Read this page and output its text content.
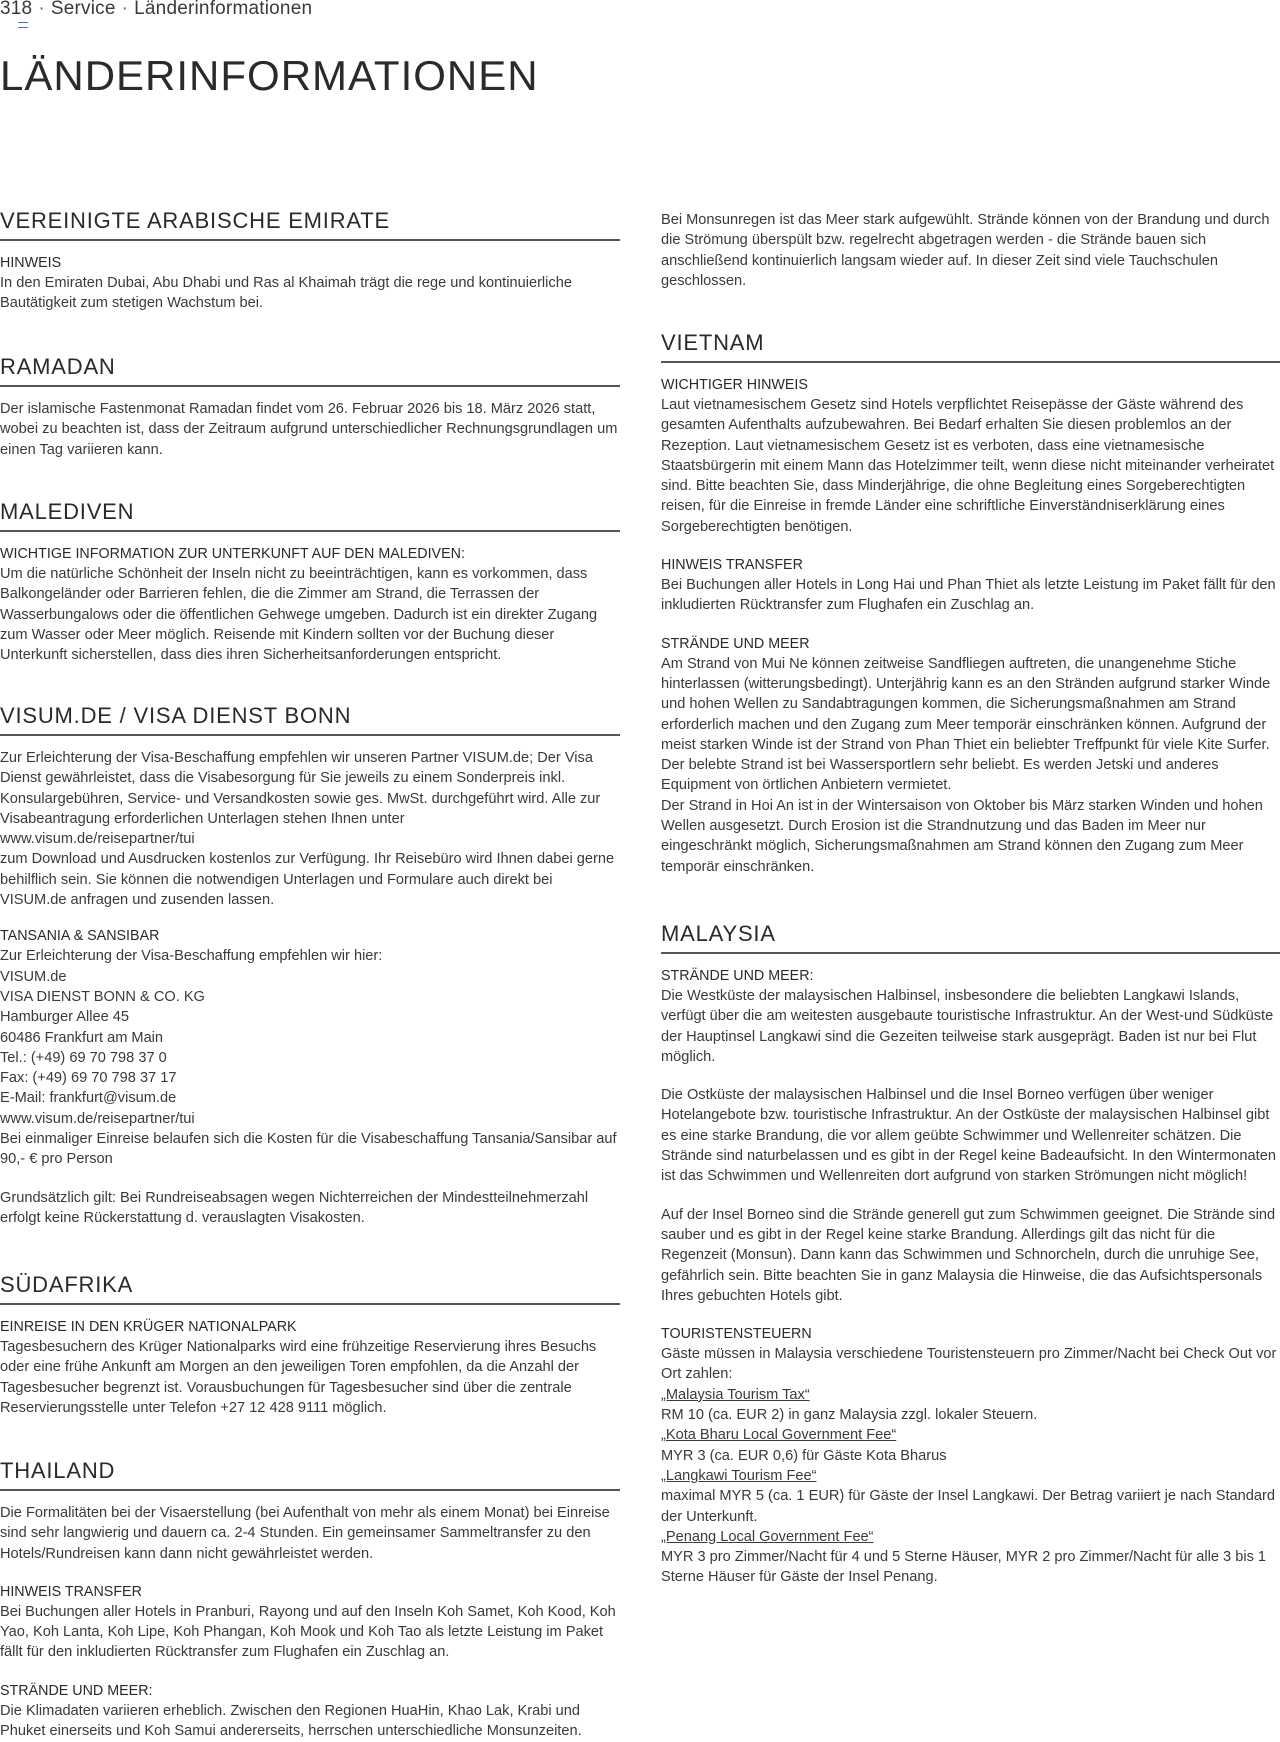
318 · Service · Länderinformationen
LÄNDERINFORMATIONEN
VEREINIGTE ARABISCHE EMIRATE

HINWEIS

In den Emiraten Dubai, Abu Dhabi und Ras al Khaimah trägt die rege und kontinuierliche Bautätigkeit zum stetigen Wachstum bei.

RAMADAN

Der islamische Fastenmonat Ramadan findet vom 26. Februar 2026 bis 18. März 2026 statt, wobei zu beachten ist, dass der Zeitraum aufgrund unterschiedlicher Rechnungsgrundlagen um einen Tag variieren kann.

MALEDIVEN

WICHTIGE INFORMATION ZUR UNTERKUNFT AUF DEN MALEDIVEN:

Um die natürliche Schönheit der Inseln nicht zu beeinträchtigen, kann es vorkommen, dass Balkongeländer oder Barrieren fehlen, die die Zimmer am Strand, die Terrassen der Wasserbungalows oder die öffentlichen Gehwege umgeben. Dadurch ist ein direkter Zugang zum Wasser oder Meer möglich. Reisende mit Kindern sollten vor der Buchung dieser Unterkunft sicherstellen, dass dies ihren Sicherheitsanforderungen entspricht.

VISUM.DE / VISA DIENST BONN

Zur Erleichterung der Visa-Beschaffung empfehlen wir unseren Partner VISUM.de; Der Visa Dienst gewährleistet, dass die Visabesorgung für Sie jeweils zu einem Sonderpreis inkl. Konsulargebühren, Service- und Versandkosten sowie ges. MwSt. durchgeführt wird. Alle zur Visabeantragung erforderlichen Unterlagen stehen Ihnen unter

www.visum.de/reisepartner/tui

zum Download und Ausdrucken kostenlos zur Verfügung. Ihr Reisebüro wird Ihnen dabei gerne behilflich sein. Sie können die notwendigen Unterlagen und Formulare auch direkt bei VISUM.de anfragen und zusenden lassen.

TANSANIA & SANSIBAR

Zur Erleichterung der Visa-Beschaffung empfehlen wir hier:

VISUM.de

VISA DIENST BONN & CO. KG

Hamburger Allee 45

60486 Frankfurt am Main

Tel.: (+49) 69 70 798 37 0

Fax: (+49) 69 70 798 37 17

E-Mail: frankfurt@visum.de

www.visum.de/reisepartner/tui

Bei einmaliger Einreise belaufen sich die Kosten für die Visabeschaffung Tansania/Sansibar auf 90,- € pro Person

Grundsätzlich gilt: Bei Rundreiseabsagen wegen Nichterreichen der Mindestteilnehmerzahl erfolgt keine Rückerstattung d. verauslagten Visakosten.

SÜDAFRIKA

EINREISE IN DEN KRÜGER NATIONALPARK

Tagesbesuchern des Krüger Nationalparks wird eine frühzeitige Reservierung ihres Besuchs oder eine frühe Ankunft am Morgen an den jeweiligen Toren empfohlen, da die Anzahl der Tagesbesucher begrenzt ist. Vorausbuchungen für Tagesbesucher sind über die zentrale Reservierungsstelle unter Telefon +27 12 428 9111 möglich.

THAILAND

Die Formalitäten bei der Visaerstellung (bei Aufenthalt von mehr als einem Monat) bei Einreise sind sehr langwierig und dauern ca. 2-4 Stunden. Ein gemeinsamer Sammeltransfer zu den Hotels/Rundreisen kann dann nicht gewährleistet werden.

HINWEIS TRANSFER

Bei Buchungen aller Hotels in Pranburi, Rayong und auf den Inseln Koh Samet, Koh Kood, Koh Yao, Koh Lanta, Koh Lipe, Koh Phangan, Koh Mook und Koh Tao als letzte Leistung im Paket fällt für den inkludierten Rücktransfer zum Flughafen ein Zuschlag an.

STRÄNDE UND MEER:

Die Klimadaten variieren erheblich. Zwischen den Regionen HuaHin, Khao Lak, Krabi und Phuket einerseits und Koh Samui andererseits, herrschen unterschiedliche Monsunzeiten.

Bei Monsunregen ist das Meer stark aufgewühlt. Strände können von der Brandung und durch die Strömung überspült bzw. regelrecht abgetragen werden - die Strände bauen sich anschließend kontinuierlich langsam wieder auf. In dieser Zeit sind viele Tauchschulen geschlossen.

VIETNAM

WICHTIGER HINWEIS

Laut vietnamesischem Gesetz sind Hotels verpflichtet Reisepässe der Gäste während des gesamten Aufenthalts aufzubewahren. Bei Bedarf erhalten Sie diesen problemlos an der Rezeption. Laut vietnamesischem Gesetz ist es verboten, dass eine vietnamesische Staatsbürgerin mit einem Mann das Hotelzimmer teilt, wenn diese nicht miteinander verheiratet sind. Bitte beachten Sie, dass Minderjährige, die ohne Begleitung eines Sorgeberechtigten reisen, für die Einreise in fremde Länder eine schriftliche Einverständniserklärung eines Sorgeberechtigten benötigen.

HINWEIS TRANSFER

Bei Buchungen aller Hotels in Long Hai und Phan Thiet als letzte Leistung im Paket fällt für den inkludierten Rücktransfer zum Flughafen ein Zuschlag an.

STRÄNDE UND MEER

Am Strand von Mui Ne können zeitweise Sandfliegen auftreten, die unangenehme Stiche hinterlassen (witterungsbedingt). Unterjährig kann es an den Stränden aufgrund starker Winde und hohen Wellen zu Sandabtragungen kommen, die Sicherungsmaßnahmen am Strand erforderlich machen und den Zugang zum Meer temporär einschränken können. Aufgrund der meist starken Winde ist der Strand von Phan Thiet ein beliebter Treffpunkt für viele Kite Surfer. Der belebte Strand ist bei Wassersportlern sehr beliebt. Es werden Jetski und anderes Equipment von örtlichen Anbietern vermietet.

Der Strand in Hoi An ist in der Wintersaison von Oktober bis März starken Winden und hohen Wellen ausgesetzt. Durch Erosion ist die Strandnutzung und das Baden im Meer nur eingeschränkt möglich, Sicherungsmaßnahmen am Strand können den Zugang zum Meer temporär einschränken.

MALAYSIA

STRÄNDE UND MEER:

Die Westküste der malaysischen Halbinsel, insbesondere die beliebten Langkawi Islands, verfügt über die am weitesten ausgebaute touristische Infrastruktur. An der West-und Südküste der Hauptinsel Langkawi sind die Gezeiten teilweise stark ausgeprägt. Baden ist nur bei Flut möglich.

Die Ostküste der malaysischen Halbinsel und die Insel Borneo verfügen über weniger Hotelangebote bzw. touristische Infrastruktur. An der Ostküste der malaysischen Halbinsel gibt es eine starke Brandung, die vor allem geübte Schwimmer und Wellenreiter schätzen. Die Strände sind naturbelassen und es gibt in der Regel keine Badeaufsicht. In den Wintermonaten ist das Schwimmen und Wellenreiten dort aufgrund von starken Strömungen nicht möglich!

Auf der Insel Borneo sind die Strände generell gut zum Schwimmen geeignet. Die Strände sind sauber und es gibt in der Regel keine starke Brandung. Allerdings gilt das nicht für die Regenzeit (Monsun). Dann kann das Schwimmen und Schnorcheln, durch die unruhige See, gefährlich sein. Bitte beachten Sie in ganz Malaysia die Hinweise, die das Aufsichtspersonals Ihres gebuchten Hotels gibt.

TOURISTENSTEUERN

Gäste müssen in Malaysia verschiedene Touristensteuern pro Zimmer/Nacht bei Check Out vor Ort zahlen:

„Malaysia Tourism Tax“

RM 10 (ca. EUR 2) in ganz Malaysia zzgl. lokaler Steuern.

„Kota Bharu Local Government Fee“

MYR 3 (ca. EUR 0,6) für Gäste Kota Bharus

„Langkawi Tourism Fee“

maximal MYR 5 (ca. 1 EUR) für Gäste der Insel Langkawi. Der Betrag variiert je nach Standard der Unterkunft.

„Penang Local Government Fee“

MYR 3 pro Zimmer/Nacht für 4 und 5 Sterne Häuser, MYR 2 pro Zimmer/Nacht für alle 3 bis 1 Sterne Häuser für Gäste der Insel Penang.
